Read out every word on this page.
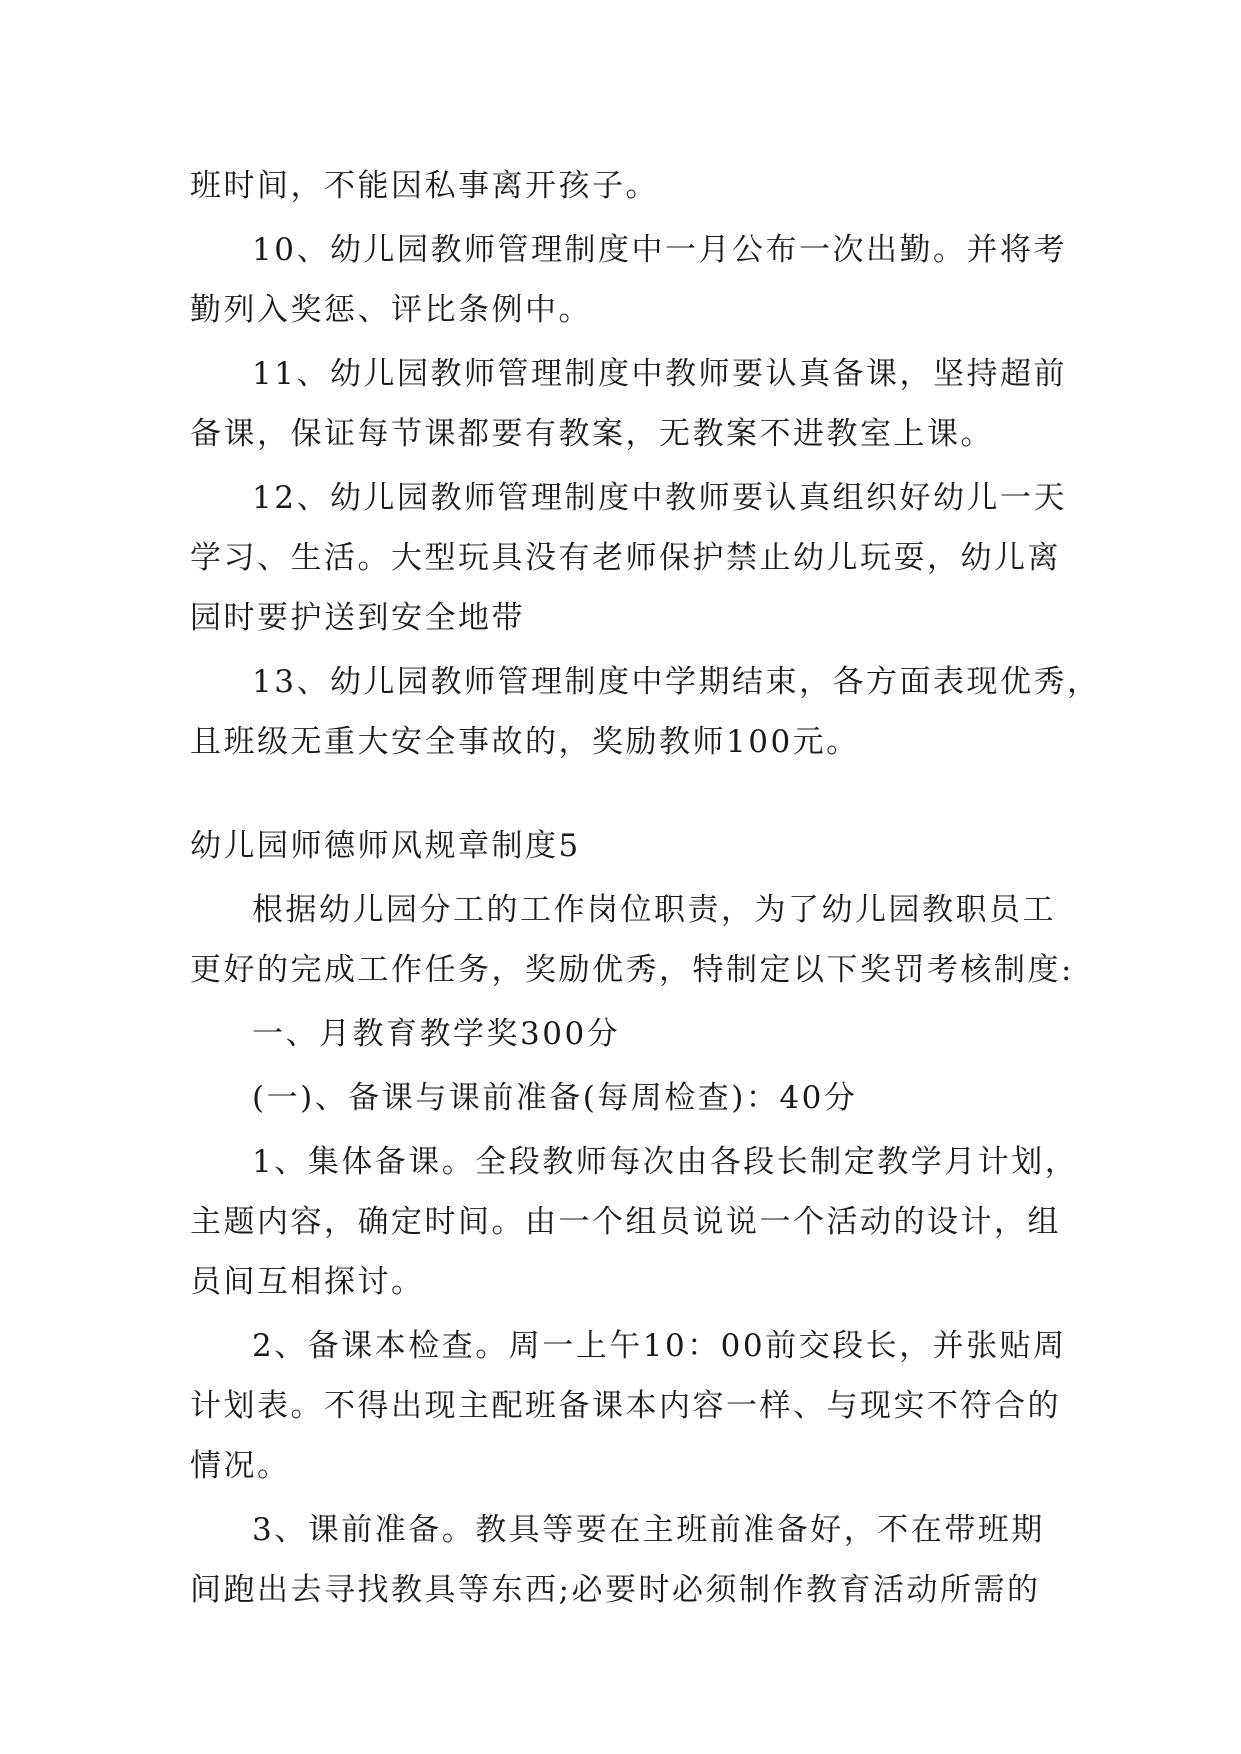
班时间，不能因私事离开孩子。
10、幼儿园教师管理制度中一月公布一次出勤。并将考
勤列入奖惩、评比条例中。
11、幼儿园教师管理制度中教师要认真备课，坚持超前
备课，保证每节课都要有教案，无教案不进教室上课。
12、幼儿园教师管理制度中教师要认真组织好幼儿一天
学习、生活。大型玩具没有老师保护禁止幼儿玩耍，幼儿离
园时要护送到安全地带
13、幼儿园教师管理制度中学期结束，各方面表现优秀，
且班级无重大安全事故的，奖励教师100元。
幼儿园师德师风规章制度5
根据幼儿园分工的工作岗位职责，为了幼儿园教职员工
更好的完成工作任务，奖励优秀，特制定以下奖罚考核制度:
一、月教育教学奖300分
(一)、备课与课前准备(每周检查)：40分
1、集体备课。全段教师每次由各段长制定教学月计划，
主题内容，确定时间。由一个组员说说一个活动的设计，组
员间互相探讨。
2、备课本检查。周一上午10：00前交段长，并张贴周
计划表。不得出现主配班备课本内容一样、与现实不符合的
情况。
3、课前准备。教具等要在主班前准备好，不在带班期
间跑出去寻找教具等东西;必要时必须制作教育活动所需的
